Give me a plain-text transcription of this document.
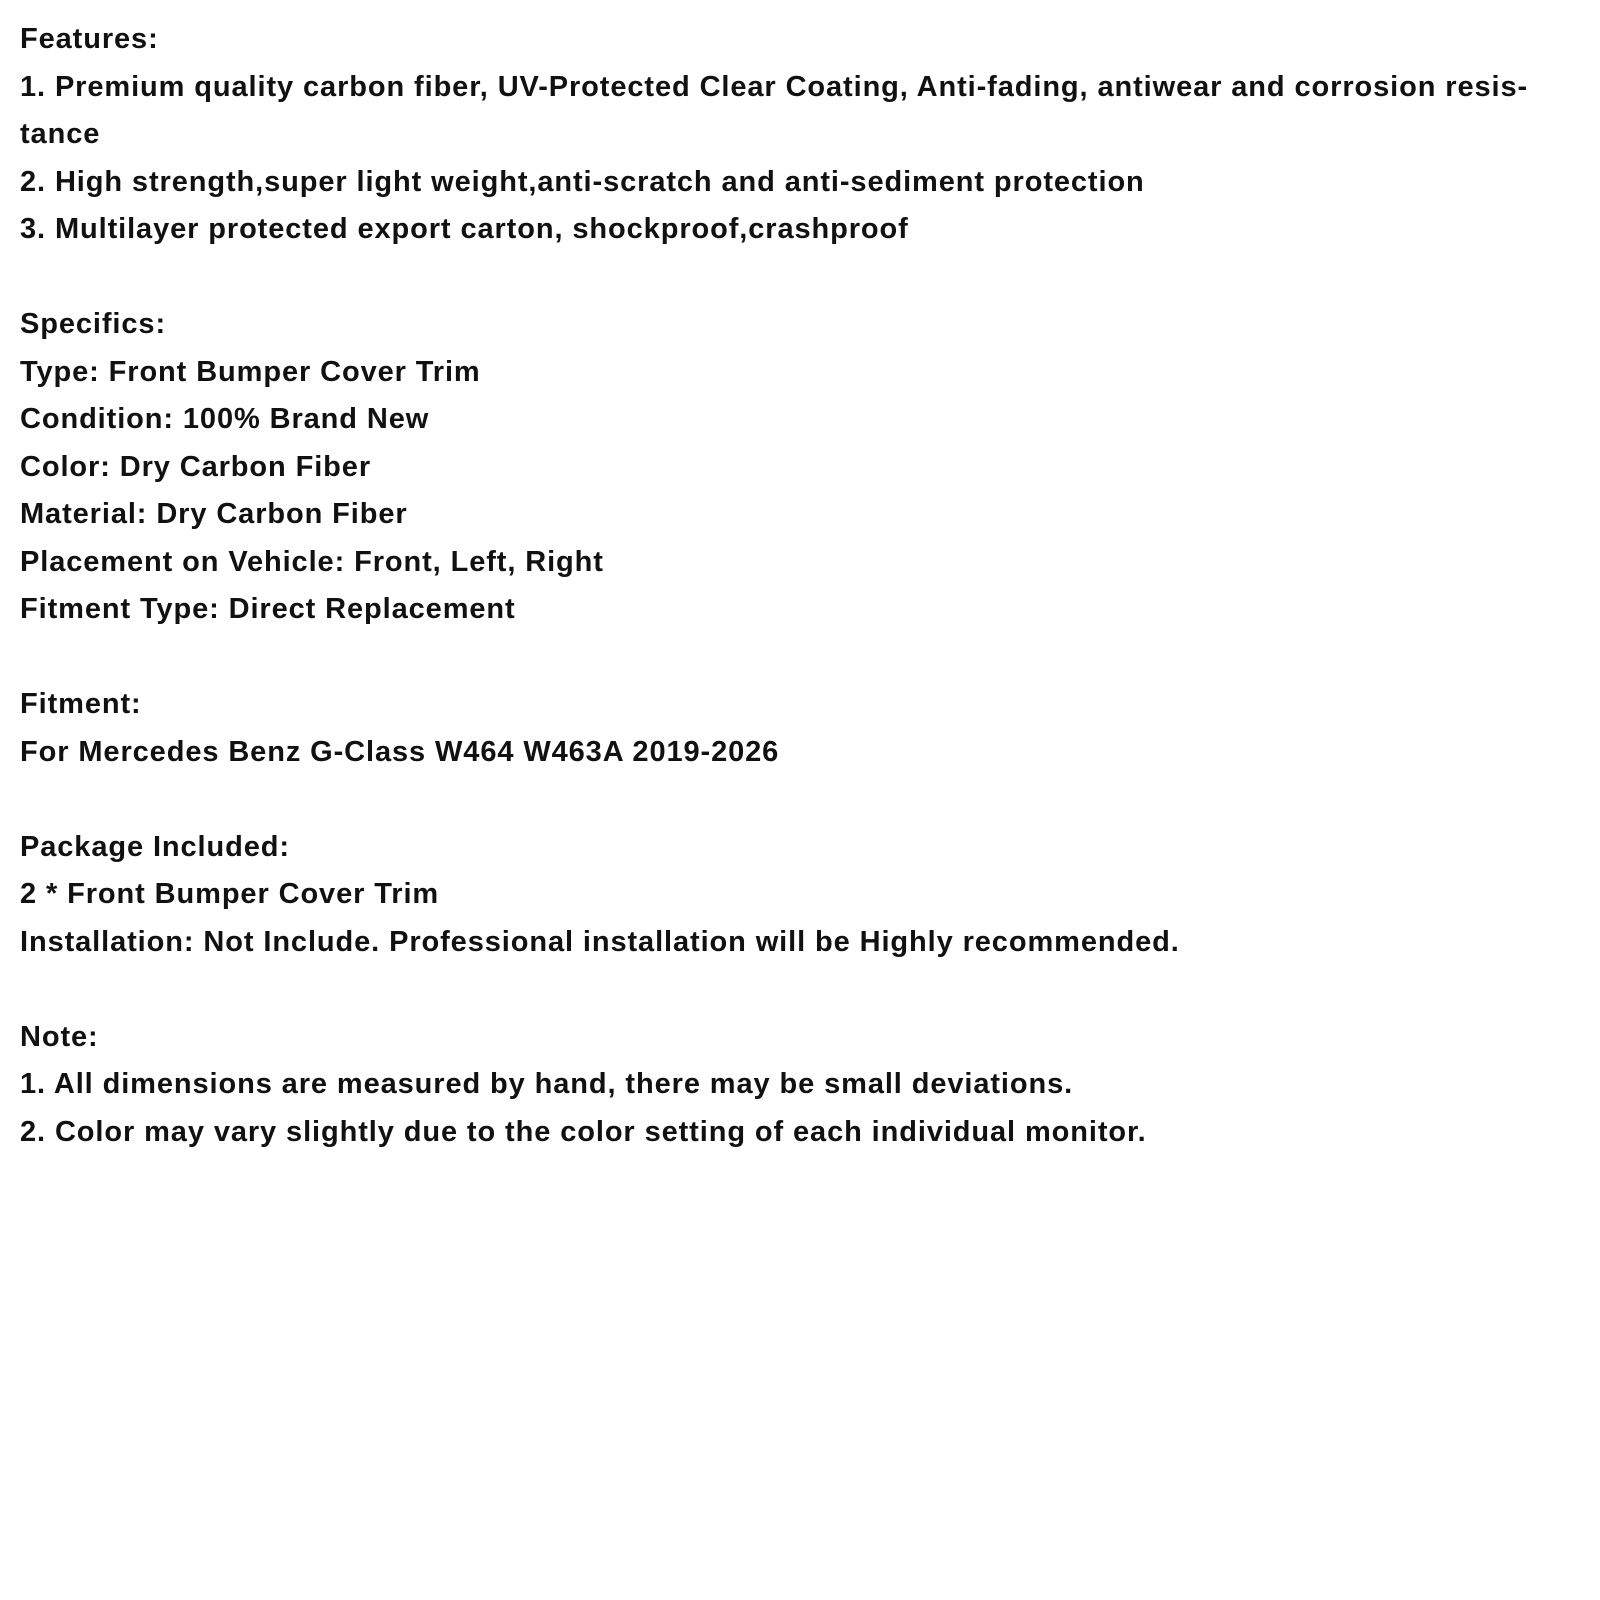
Features:
1. Premium quality carbon fiber, UV-Protected Clear Coating, Anti-fading, antiwear and corrosion resis-
tance
2. High strength,super light weight,anti-scratch and anti-sediment protection
3. Multilayer protected export carton, shockproof,crashproof
Specifics:
Type: Front Bumper Cover Trim
Condition: 100% Brand New
Color: Dry Carbon Fiber
Material: Dry Carbon Fiber
Placement on Vehicle: Front, Left, Right
Fitment Type: Direct Replacement
Fitment:
For Mercedes Benz G-Class W464 W463A 2019-2026
Package Included:
2 * Front Bumper Cover Trim
Installation: Not Include. Professional installation will be Highly recommended.
Note:
1. All dimensions are measured by hand, there may be small deviations.
2. Color may vary slightly due to the color setting of each individual monitor.
